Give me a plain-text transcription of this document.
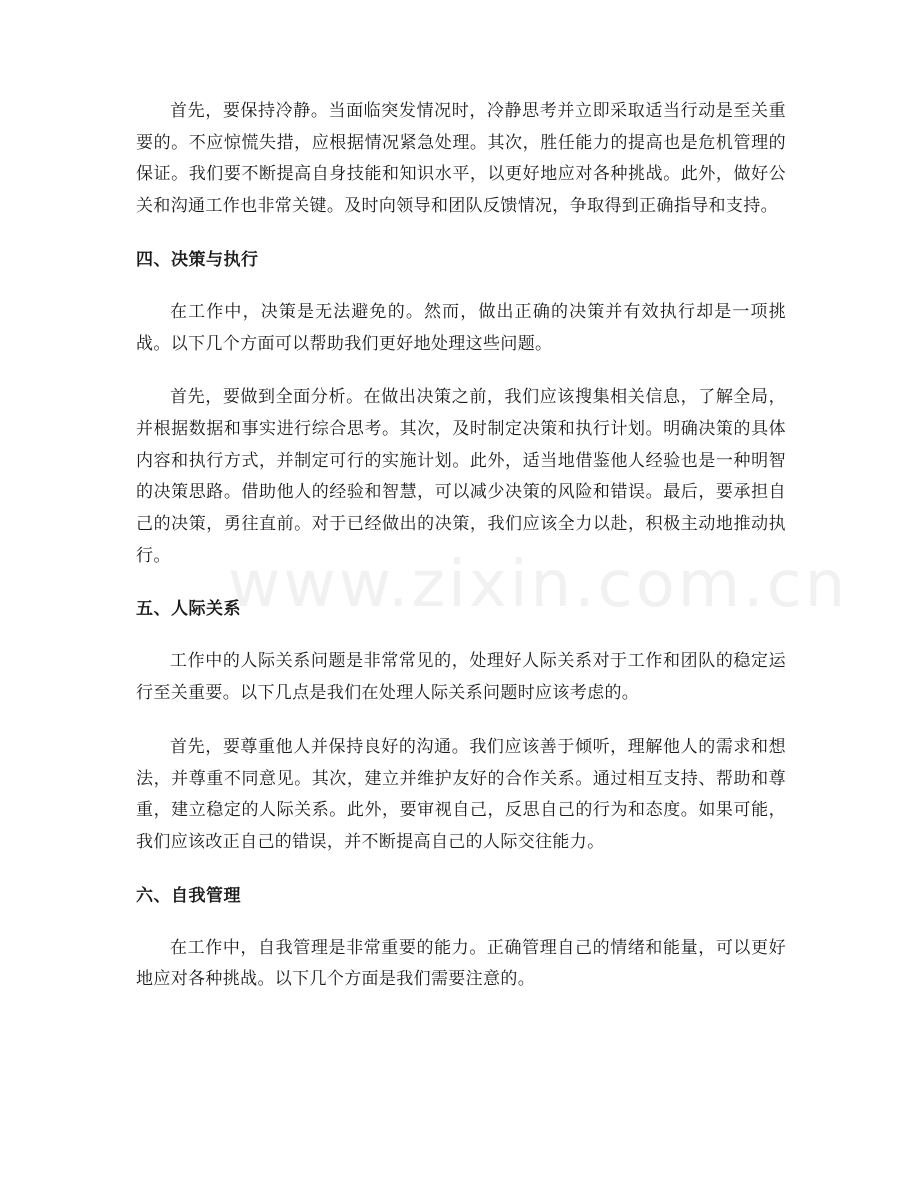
www.zixin.com.cn

首先，要保持冷静。当面临突发情况时，冷静思考并立即采取适当行动是至关重要的。不应惊慌失措，应根据情况紧急处理。其次，胜任能力的提高也是危机管理的保证。我们要不断提高自身技能和知识水平，以更好地应对各种挑战。此外，做好公关和沟通工作也非常关键。及时向领导和团队反馈情况，争取得到正确指导和支持。

四、决策与执行

在工作中，决策是无法避免的。然而，做出正确的决策并有效执行却是一项挑战。以下几个方面可以帮助我们更好地处理这些问题。

首先，要做到全面分析。在做出决策之前，我们应该搜集相关信息，了解全局，并根据数据和事实进行综合思考。其次，及时制定决策和执行计划。明确决策的具体内容和执行方式，并制定可行的实施计划。此外，适当地借鉴他人经验也是一种明智的决策思路。借助他人的经验和智慧，可以减少决策的风险和错误。最后，要承担自己的决策，勇往直前。对于已经做出的决策，我们应该全力以赴，积极主动地推动执行。

五、人际关系

工作中的人际关系问题是非常常见的，处理好人际关系对于工作和团队的稳定运行至关重要。以下几点是我们在处理人际关系问题时应该考虑的。

首先，要尊重他人并保持良好的沟通。我们应该善于倾听，理解他人的需求和想法，并尊重不同意见。其次，建立并维护友好的合作关系。通过相互支持、帮助和尊重，建立稳定的人际关系。此外，要审视自己，反思自己的行为和态度。如果可能，我们应该改正自己的错误，并不断提高自己的人际交往能力。

六、自我管理

在工作中，自我管理是非常重要的能力。正确管理自己的情绪和能量，可以更好地应对各种挑战。以下几个方面是我们需要注意的。
